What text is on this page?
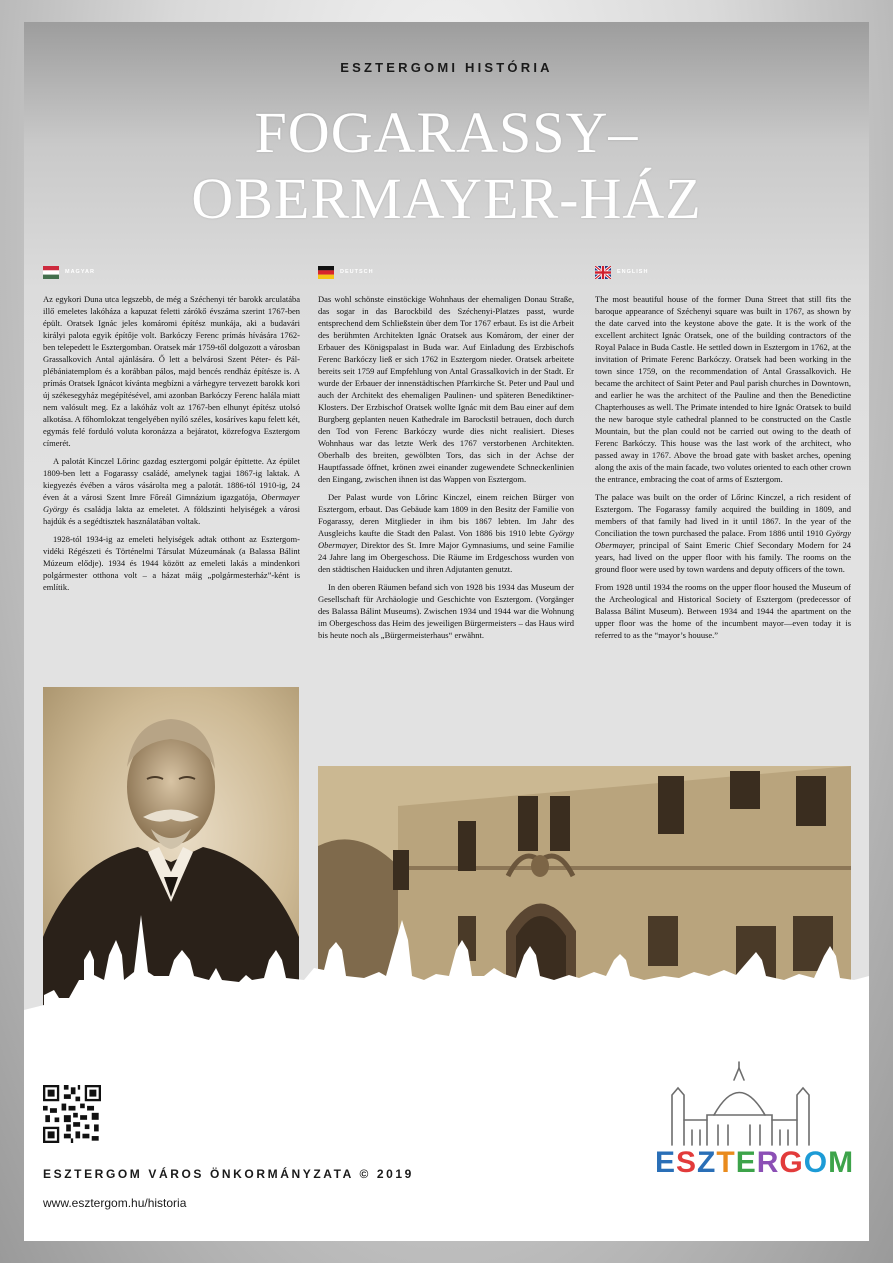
ESZTERGOMI HISTÓRIA
FOGARASSY–
OBERMAYER-HÁZ
MAGYAR

Az egykori Duna utca legszebb, de még a Széchenyi tér barokk arculatába illő emeletes lakóháza a kapuzat feletti zárókő évszáma szerint 1767-ben épült. Oratsek Ignác jeles komáromi építész munkája, aki a budavári királyi palota egyik építője volt. Barkóczy Ferenc prímás hívására 1762-ben telepedett le Esztergomban. Oratsek már 1759-től dolgozott a városban Grassalkovich Antal ajánlására. Ő lett a belvárosi Szent Péter- és Pál-plébániatemplom és a korábban pálos, majd bencés rendház építésze is. A prímás Oratsek Ignácot kívánta megbízni a várhegyre tervezett barokk kori új székesegyház megépítésével, ami azonban Barkóczy Ferenc halála miatt nem valósult meg. Ez a lakóház volt az 1767-ben elhunyt építész utolsó alkotása. A főhomlokzat tengelyében nyíló széles, kosáríves kapu felett két, egymás felé forduló voluta koronázza a bejáratot, közrefogva Esztergom címerét.

A palotát Kinczel Lőrinc gazdag esztergomi polgár építtette. Az épület 1809-ben lett a Fogarassy családé, amelynek tagjai 1867-ig laktak. A kiegyezés évében a város vásárolta meg a palotát. 1886-tól 1910-ig, 24 éven át a városi Szent Imre Főreál Gimnázium igazgatója, Obermayer György és családja lakta az emeletet. A földszinti helyiségek a városi hajdúk és a segédtisztek használatában voltak.

1928-tól 1934-ig az emeleti helyiségek adtak otthont az Esztergom-vidéki Régészeti és Történelmi Társulat Múzeumának (a Balassa Bálint Múzeum elődje). 1934 és 1944 között az emeleti lakás a mindenkori polgármester otthona volt – a házat máig „polgármesterház”-ként is említik.

DEUTSCH

Das wohl schönste einstöckige Wohnhaus der ehemaligen Donau Straße, das sogar in das Barockbild des Széchenyi-Platzes passt, wurde entsprechend dem Schließstein über dem Tor 1767 erbaut. Es ist die Arbeit des berühmten Architekten Ignác Oratsek aus Komárom, der einer der Erbauer des Königspalast in Buda war. Auf Einladung des Erzbischofs Ferenc Barkóczy ließ er sich 1762 in Esztergom nieder. Oratsek arbeitete bereits seit 1759 auf Empfehlung von Antal Grassalkovich in der Stadt. Er wurde der Erbauer der innenstädtischen Pfarrkirche St. Peter und Paul und auch der Architekt des ehemaligen Paulinen- und späteren Benediktiner-Klosters. Der Erzbischof Oratsek wollte Ignác mit dem Bau einer auf dem Burgberg geplanten neuen Kathedrale im Barockstil betrauen, doch durch den Tod von Ferenc Barkóczy wurde dies nicht realisiert. Dieses Wohnhaus war das letzte Werk des 1767 verstorbenen Architekten. Oberhalb des breiten, gewölbten Tors, das sich in der Achse der Hauptfassade öffnet, krönen zwei einander zugewendete Schneckenlinien den Eingang, zwischen ihnen ist das Wappen von Esztergom.

Der Palast wurde von Lőrinc Kinczel, einem reichen Bürger von Esztergom, erbaut. Das Gebäude kam 1809 in den Besitz der Familie von Fogarassy, deren Mitglieder in ihm bis 1867 lebten. Im Jahr des Ausgleichs kaufte die Stadt den Palast. Von 1886 bis 1910 lebte György Obermayer, Direktor des St. Imre Major Gymnasiums, und seine Familie 24 Jahre lang im Obergeschoss. Die Räume im Erdgeschoss wurden von den städtischen Haiducken und ihren Adjutanten genutzt.

In den oberen Räumen befand sich von 1928 bis 1934 das Museum der Gesellschaft für Archäologie und Geschichte von Esztergom. (Vorgänger des Balassa Bálint Museums). Zwischen 1934 und 1944 war die Wohnung im Obergeschoss das Heim des jeweiligen Bürgermeisters – das Haus wird bis heute noch als „Bürgermeisterhaus“ erwähnt.

ENGLISH

The most beautiful house of the former Duna Street that still fits the baroque appearance of Széchenyi square was built in 1767, as shown by the date carved into the keystone above the gate. It is the work of the excellent architect Ignác Oratsek, one of the building contractors of the Royal Palace in Buda Castle. He settled down in Esztergom in 1762, at the invitation of Primate Ferenc Barkóczy. Oratsek had been working in the town since 1759, on the recommendation of Antal Grassalkovich. He became the architect of Saint Peter and Paul parish churches in Downtown, and earlier he was the architect of the Pauline and then the Benedictine Chapterhouses as well. The Primate intended to hire Ignác Oratsek to build the new baroque style cathedral planned to be constructed on the Castle Mountain, but the plan could not be carried out owing to the death of Ferenc Barkóczy. This house was the last work of the architect, who passed away in 1767. Above the broad gate with basket arches, opening along the axis of the main facade, two volutes oriented to each other crown the entrance, embracing the coat of arms of Esztergom.

The palace was built on the order of Lőrinc Kinczel, a rich resident of Esztergom. The Fogarassy family acquired the building in 1809, and members of that family had lived in it until 1867. In the year of the Conciliation the town purchased the palace. From 1886 until 1910 György Obermayer, principal of Saint Emeric Chief Secondary Modern for 24 years, had lived on the upper floor with his family. The rooms on the ground floor were used by town wardens and deputy officers of the town.

From 1928 until 1934 the rooms on the upper floor housed the Museum of the Archeological and Historical Society of Esztergom (predecessor of Balassa Bálint Museum). Between 1934 and 1944 the apartment on the upper floor was the home of the incumbent mayor—even today it is referred to as the “mayor’s houuse.”

ESZTERGOM VÁROS ÖNKORMÁNYZATA © 2019
www.esztergom.hu/historia
ESZTERGOM
